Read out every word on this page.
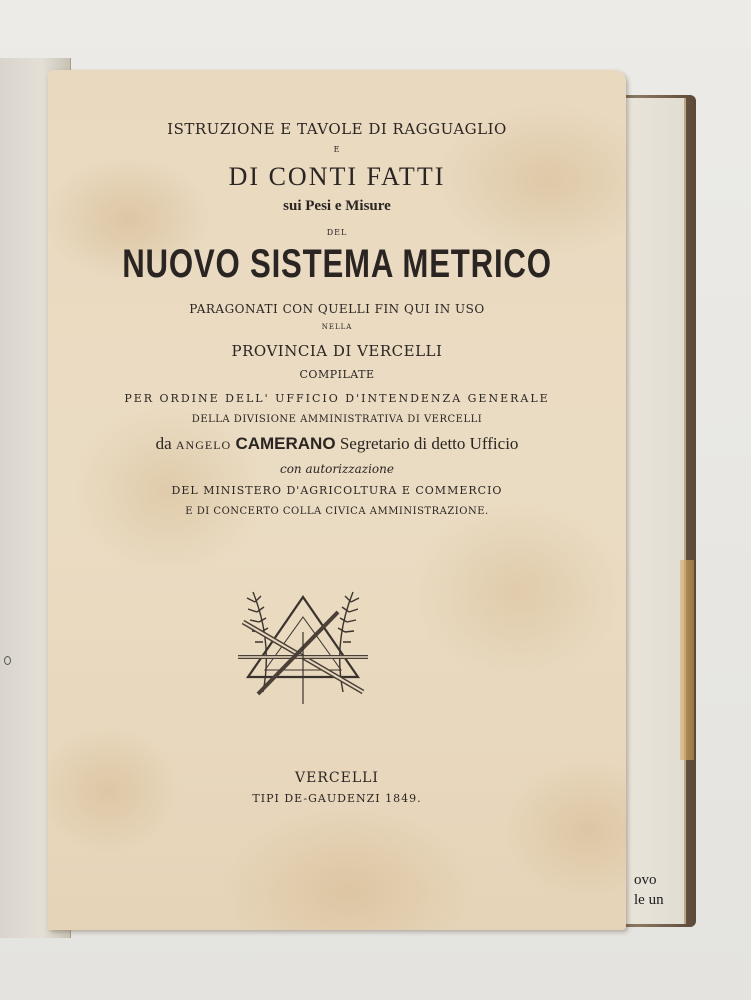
ovo
le un
ISTRUZIONE E TAVOLE DI RAGGUAGLIO
E
DI CONTI FATTI
sui Pesi e Misure
DEL
NUOVO SISTEMA METRICO
PARAGONATI CON QUELLI FIN QUI IN USO
NELLA
PROVINCIA DI VERCELLI
COMPILATE
PER ORDINE DELL' UFFICIO D'INTENDENZA GENERALE
DELLA DIVISIONE AMMINISTRATIVA DI VERCELLI
da ANGELO CAMERANO Segretario di detto Ufficio
con autorizzazione
DEL MINISTERO D'AGRICOLTURA E COMMERCIO
E DI CONCERTO COLLA CIVICA AMMINISTRAZIONE.
VERCELLI
TIPI DE-GAUDENZI 1849.
